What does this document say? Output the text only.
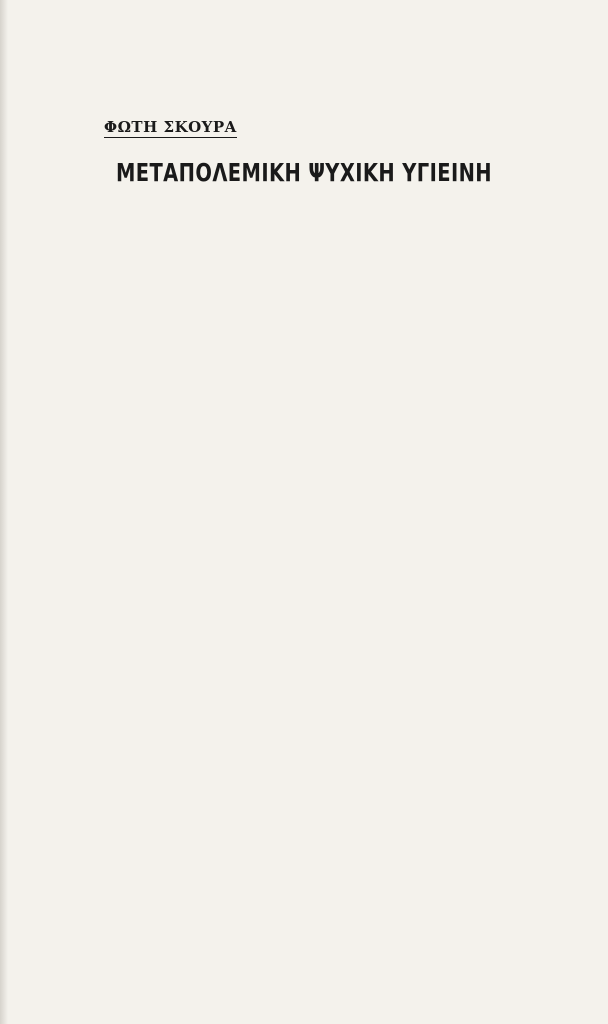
ΦΩΤΗ ΣΚΟΥΡΑ
ΜΕΤΑΠΟΛΕΜΙΚΗ ΨΥΧΙΚΗ ΥΓΙΕΙΝΗ
